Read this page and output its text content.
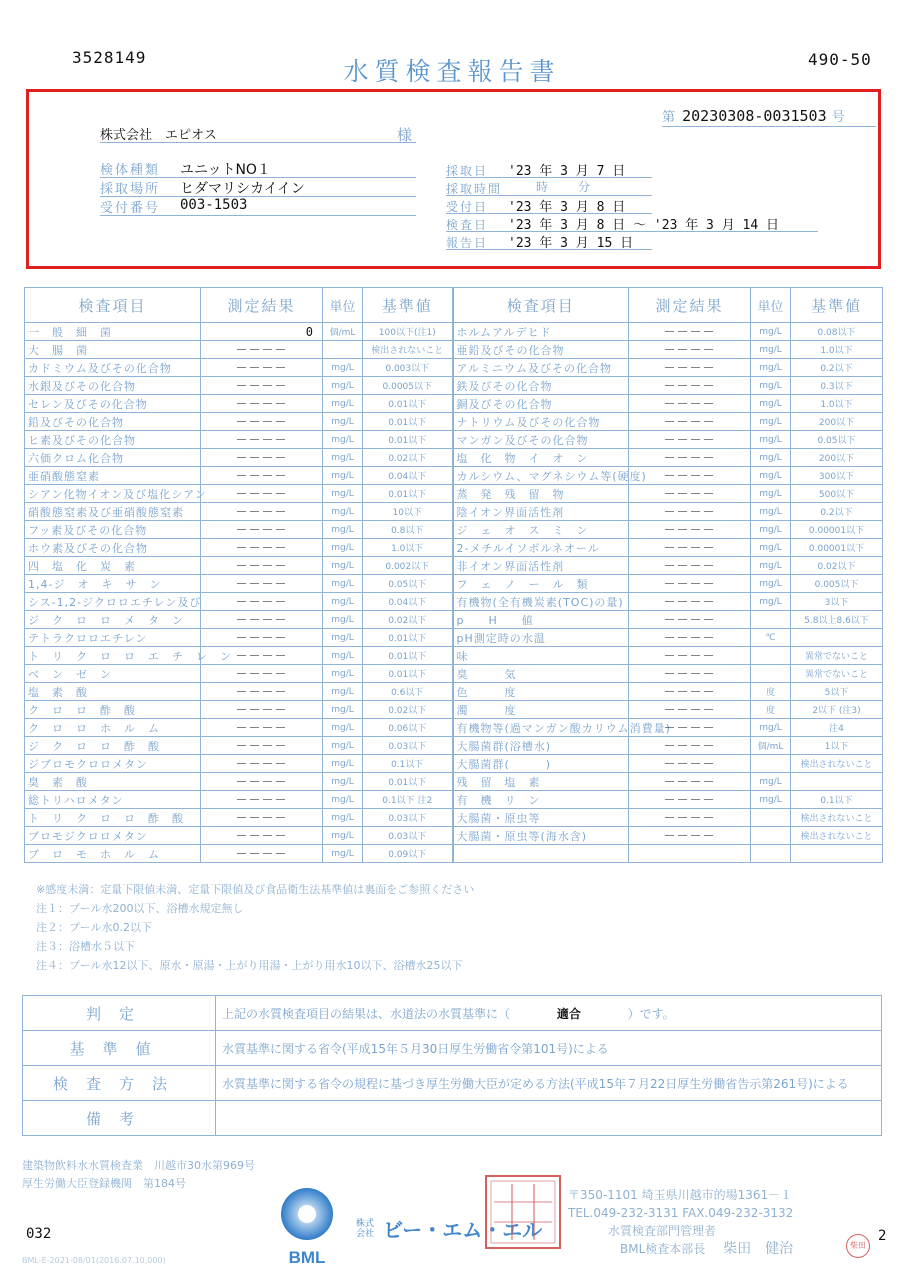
3528149	490-50
水質検査報告書
第 20230308-0031503 号
株式会社　エピオス	様
検体種類 ユニットNO１
採取場所 ヒダマリシカイイン
受付番号 003-1503
採取日 '23 年 3 月 7 日
採取時間 　　時　　分
受付日 '23 年 3 月 8 日
検査日 '23 年 3 月 8 日 ～ '23 年 3 月 14 日
報告日 '23 年 3 月 15 日
検査項目	測定結果	単位	基準値	検査項目	測定結果	単位	基準値
一　般　細　菌	0	個/mL	100以下(注1)	ホルムアルデヒド	－－－－	mg/L	0.08以下
大　腸　菌	－－－－		検出されないこと	亜鉛及びその化合物	－－－－	mg/L	1.0以下
カドミウム及びその化合物	－－－－	mg/L	0.003以下	アルミニウム及びその化合物	－－－－	mg/L	0.2以下
水銀及びその化合物	－－－－	mg/L	0.0005以下	鉄及びその化合物	－－－－	mg/L	0.3以下
セレン及びその化合物	－－－－	mg/L	0.01以下	銅及びその化合物	－－－－	mg/L	1.0以下
鉛及びその化合物	－－－－	mg/L	0.01以下	ナトリウム及びその化合物	－－－－	mg/L	200以下
ヒ素及びその化合物	－－－－	mg/L	0.01以下	マンガン及びその化合物	－－－－	mg/L	0.05以下
六価クロム化合物	－－－－	mg/L	0.02以下	塩　化　物　イ　オ　ン	－－－－	mg/L	200以下
亜硝酸態窒素	－－－－	mg/L	0.04以下	カルシウム、マグネシウム等(硬度)	－－－－	mg/L	300以下
シアン化物イオン及び塩化シアン	－－－－	mg/L	0.01以下	蒸　発　残　留　物	－－－－	mg/L	500以下
硝酸態窒素及び亜硝酸態窒素	－－－－	mg/L	10以下	陰イオン界面活性剤	－－－－	mg/L	0.2以下
フッ素及びその化合物	－－－－	mg/L	0.8以下	ジ　ェ　オ　ス　ミ　ン	－－－－	mg/L	0.00001以下
ホウ素及びその化合物	－－－－	mg/L	1.0以下	2-メチルイソボルネオール	－－－－	mg/L	0.00001以下
四　塩　化　炭　素	－－－－	mg/L	0.002以下	非イオン界面活性剤	－－－－	mg/L	0.02以下
1,4-ジ　オ　キ　サ　ン	－－－－	mg/L	0.05以下	フ　ェ　ノ　ー　ル　類	－－－－	mg/L	0.005以下
シス-1,2-ジクロロエチレン及び	－－－－	mg/L	0.04以下	有機物(全有機炭素(TOC)の量)	－－－－	mg/L	3以下
ジ　ク　ロ　ロ　メ　タ　ン	－－－－	mg/L	0.02以下	p　　H　　値	－－－－		5.8以上8.6以下
テトラクロロエチレン	－－－－	mg/L	0.01以下	pH測定時の水温	－－－－	℃	
ト　リ　ク　ロ　ロ　エ　チ　レ　ン	－－－－	mg/L	0.01以下	味	－－－－		異常でないこと
ベ　ン　ゼ　ン	－－－－	mg/L	0.01以下	臭　　　気	－－－－		異常でないこと
塩　素　酸	－－－－	mg/L	0.6以下	色　　　度	－－－－	度	5以下
ク　ロ　ロ　酢　酸	－－－－	mg/L	0.02以下	濁　　　度	－－－－	度	2以下 (注3)
ク　ロ　ロ　ホ　ル　ム	－－－－	mg/L	0.06以下	有機物等(過マンガン酸カリウム消費量)	－－－－	mg/L	注4
ジ　ク　ロ　ロ　酢　酸	－－－－	mg/L	0.03以下	大腸菌群(浴槽水)	－－－－	個/mL	1以下
ジブロモクロロメタン	－－－－	mg/L	0.1以下	大腸菌群(　　　)	－－－－		検出されないこと
臭　素　酸	－－－－	mg/L	0.01以下	残　留　塩　素	－－－－	mg/L	
総トリハロメタン	－－－－	mg/L	0.1以下 注2	有　機　リ　ン	－－－－	mg/L	0.1以下
ト　リ　ク　ロ　ロ　酢　酸	－－－－	mg/L	0.03以下	大腸菌・原虫等	－－－－		検出されないこと
ブロモジクロロメタン	－－－－	mg/L	0.03以下	大腸菌・原虫等(海水含)	－－－－		検出されないこと
ブ　ロ　モ　ホ　ル　ム	－－－－	mg/L	0.09以下				
※感度未満：定量下限値未満、定量下限値及び食品衛生法基準値は裏面をご参照ください
注１：プール水200以下、浴槽水規定無し
注２：プール水0.2以下
注３：浴槽水５以下
注４：プール水12以下、原水・原湯・上がり用湯・上がり用水10以下、浴槽水25以下
判定	上記の水質検査項目の結果は、水道法の水質基準に（ 適合 ）です。
基準値	水質基準に関する省令(平成15年５月30日厚生労働省令第101号)による
検査方法	水質基準に関する省令の規程に基づき厚生労働大臣が定める方法(平成15年７月22日厚生労働省告示第261号)による
備考	
建築物飲料水水質検査業　川越市30水第969号
厚生労働大臣登録機関　第184号
BML
株式会社 ビー・エム・エル
〒350-1101 埼玉県川越市的場1361－１
TEL.049-232-3131 FAX.049-232-3132
水質検査部門管理者
BML検査本部長 柴田　健治	柴田
032	2
BML-E-2021-08/01(2016.07.10,000)
